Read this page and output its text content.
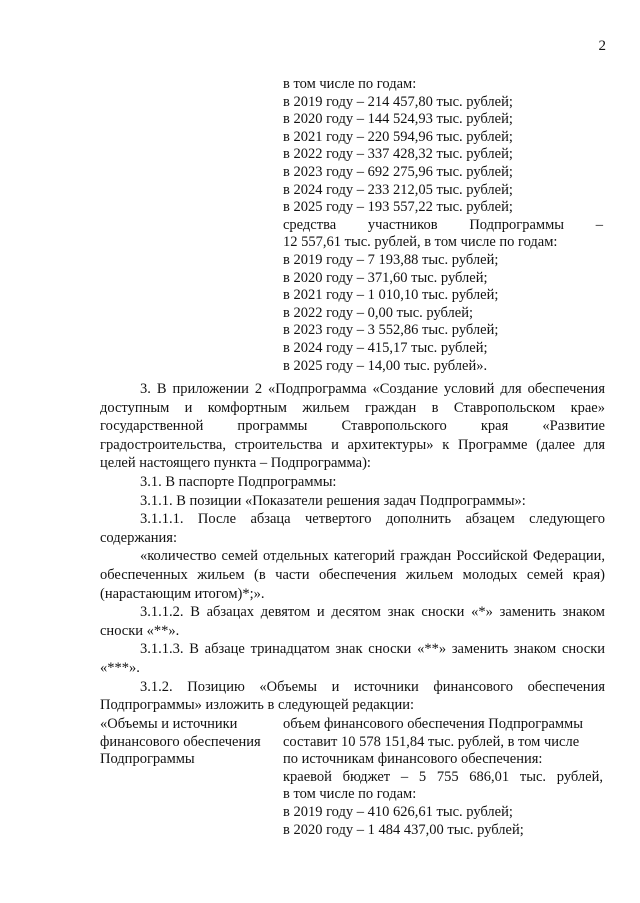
2
в том числе по годам:
в 2019 году – 214 457,80 тыс. рублей;
в 2020 году – 144 524,93 тыс. рублей;
в 2021 году – 220 594,96 тыс. рублей;
в 2022 году – 337 428,32 тыс. рублей;
в 2023 году – 692 275,96 тыс. рублей;
в 2024 году – 233 212,05 тыс. рублей;
в 2025 году – 193 557,22 тыс. рублей;
средства участников Подпрограммы –
12 557,61 тыс. рублей, в том числе по годам:
в 2019 году – 7 193,88 тыс. рублей;
в 2020 году – 371,60 тыс. рублей;
в 2021 году – 1 010,10 тыс. рублей;
в 2022 году – 0,00 тыс. рублей;
в 2023 году – 3 552,86 тыс. рублей;
в 2024 году – 415,17 тыс. рублей;
в 2025 году – 14,00 тыс. рублей».

3. В приложении 2 «Подпрограмма «Создание условий для обеспечения доступным и комфортным жильем граждан в Ставропольском крае» государственной программы Ставропольского края «Развитие градостроительства, строительства и архитектуры» к Программе (далее для целей настоящего пункта – Подпрограмма):

3.1. В паспорте Подпрограммы:

3.1.1. В позиции «Показатели решения задач Подпрограммы»:

3.1.1.1. После абзаца четвертого дополнить абзацем следующего содержания:

«количество семей отдельных категорий граждан Российской Федерации, обеспеченных жильем (в части обеспечения жильем молодых семей края) (нарастающим итогом)*;».

3.1.1.2. В абзацах девятом и десятом знак сноски «*» заменить знаком сноски «**».

3.1.1.3. В абзаце тринадцатом знак сноски «**» заменить знаком сноски «***».

3.1.2. Позицию «Объемы и источники финансового обеспечения Подпрограммы» изложить в следующей редакции:

«Объемы и источники
финансового обеспечения
Подпрограммы
объем финансового обеспечения Подпрограммы
составит 10 578 151,84 тыс. рублей, в том числе
по источникам финансового обеспечения:
краевой бюджет – 5 755 686,01 тыс. рублей,
в том числе по годам:
в 2019 году – 410 626,61 тыс. рублей;
в 2020 году – 1 484 437,00 тыс. рублей;
